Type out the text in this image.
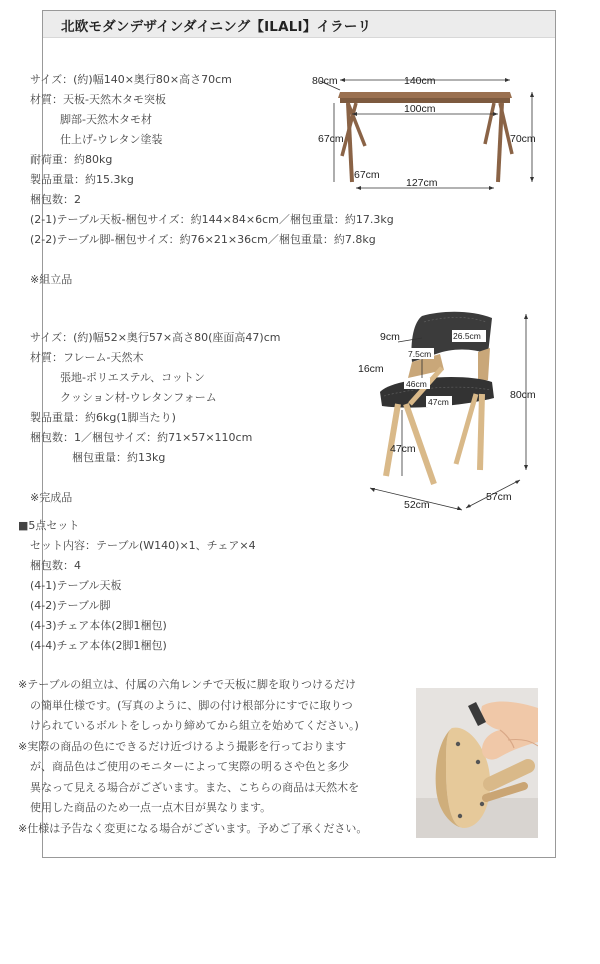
北欧モダンデザインダイニング【ILALI】イラーリ
サイズ：(約)幅140×奥行80×高さ70cm
材質：天板-天然木タモ突板
脚部-天然木タモ材
仕上げ-ウレタン塗装
耐荷重：約80kg
製品重量：約15.3kg
梱包数：2
(2-1)テーブル天板-梱包サイズ：約144×84×6cm／梱包重量：約17.3kg
(2-2)テーブル脚-梱包サイズ：約76×21×36cm／梱包重量：約7.8kg
※組立品
サイズ：(約)幅52×奥行57×高さ80(座面高47)cm
材質：フレーム-天然木
張地-ポリエステル、コットン
クッション材-ウレタンフォーム
製品重量：約6kg(1脚当たり)
梱包数：1／梱包サイズ：約71×57×110cm
梱包重量：約13kg
※完成品
■5点セット
セット内容：テーブル(W140)×1、チェア×4
梱包数：4
(4-1)テーブル天板
(4-2)テーブル脚
(4-3)チェア本体(2脚1梱包)
(4-4)チェア本体(2脚1梱包)
※テーブルの組立は、付属の六角レンチで天板に脚を取りつけるだけ
の簡単仕様です。(写真のように、脚の付け根部分にすでに取りつ
けられているボルトをしっかり締めてから組立を始めてください。)
※実際の商品の色にできるだけ近づけるよう撮影を行っております
が、商品色はご使用のモニターによって実際の明るさや色と多少
異なって見える場合がございます。また、こちらの商品は天然木を
使用した商品のため一点一点木目が異なります。
※仕様は予告なく変更になる場合がございます。予めご了承ください。
80cm	140cm
100cm
67cm	70cm
67cm
127cm
9cm	26.5cm
7.5cm
16cm
46cm
47cm
80cm
47cm
52cm
57cm
